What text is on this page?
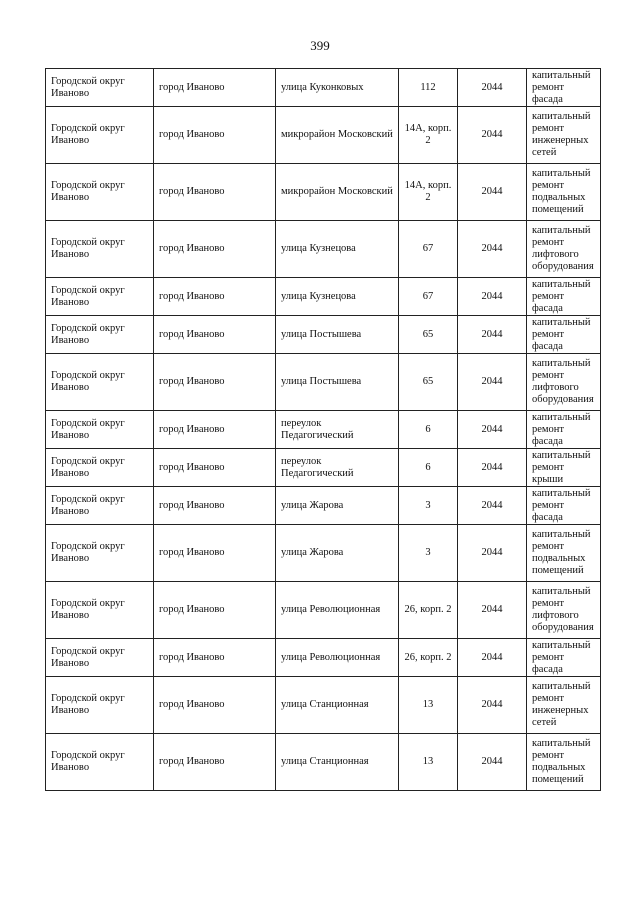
399
Городской округ Иваново	город Иваново	улица Куконковых	112	2044	капитальный ремонт фасада
Городской округ Иваново	город Иваново	микрорайон Московский	14А, корп. 2	2044	капитальный ремонт инженерных сетей
Городской округ Иваново	город Иваново	микрорайон Московский	14А, корп. 2	2044	капитальный ремонт подвальных помещений
Городской округ Иваново	город Иваново	улица Кузнецова	67	2044	капитальный ремонт лифтового оборудования
Городской округ Иваново	город Иваново	улица Кузнецова	67	2044	капитальный ремонт фасада
Городской округ Иваново	город Иваново	улица Постышева	65	2044	капитальный ремонт фасада
Городской округ Иваново	город Иваново	улица Постышева	65	2044	капитальный ремонт лифтового оборудования
Городской округ Иваново	город Иваново	переулок Педагогический	6	2044	капитальный ремонт фасада
Городской округ Иваново	город Иваново	переулок Педагогический	6	2044	капитальный ремонт крыши
Городской округ Иваново	город Иваново	улица Жарова	3	2044	капитальный ремонт фасада
Городской округ Иваново	город Иваново	улица Жарова	3	2044	капитальный ремонт подвальных помещений
Городской округ Иваново	город Иваново	улица Революционная	26, корп. 2	2044	капитальный ремонт лифтового оборудования
Городской округ Иваново	город Иваново	улица Революционная	26, корп. 2	2044	капитальный ремонт фасада
Городской округ Иваново	город Иваново	улица Станционная	13	2044	капитальный ремонт инженерных сетей
Городской округ Иваново	город Иваново	улица Станционная	13	2044	капитальный ремонт подвальных помещений
